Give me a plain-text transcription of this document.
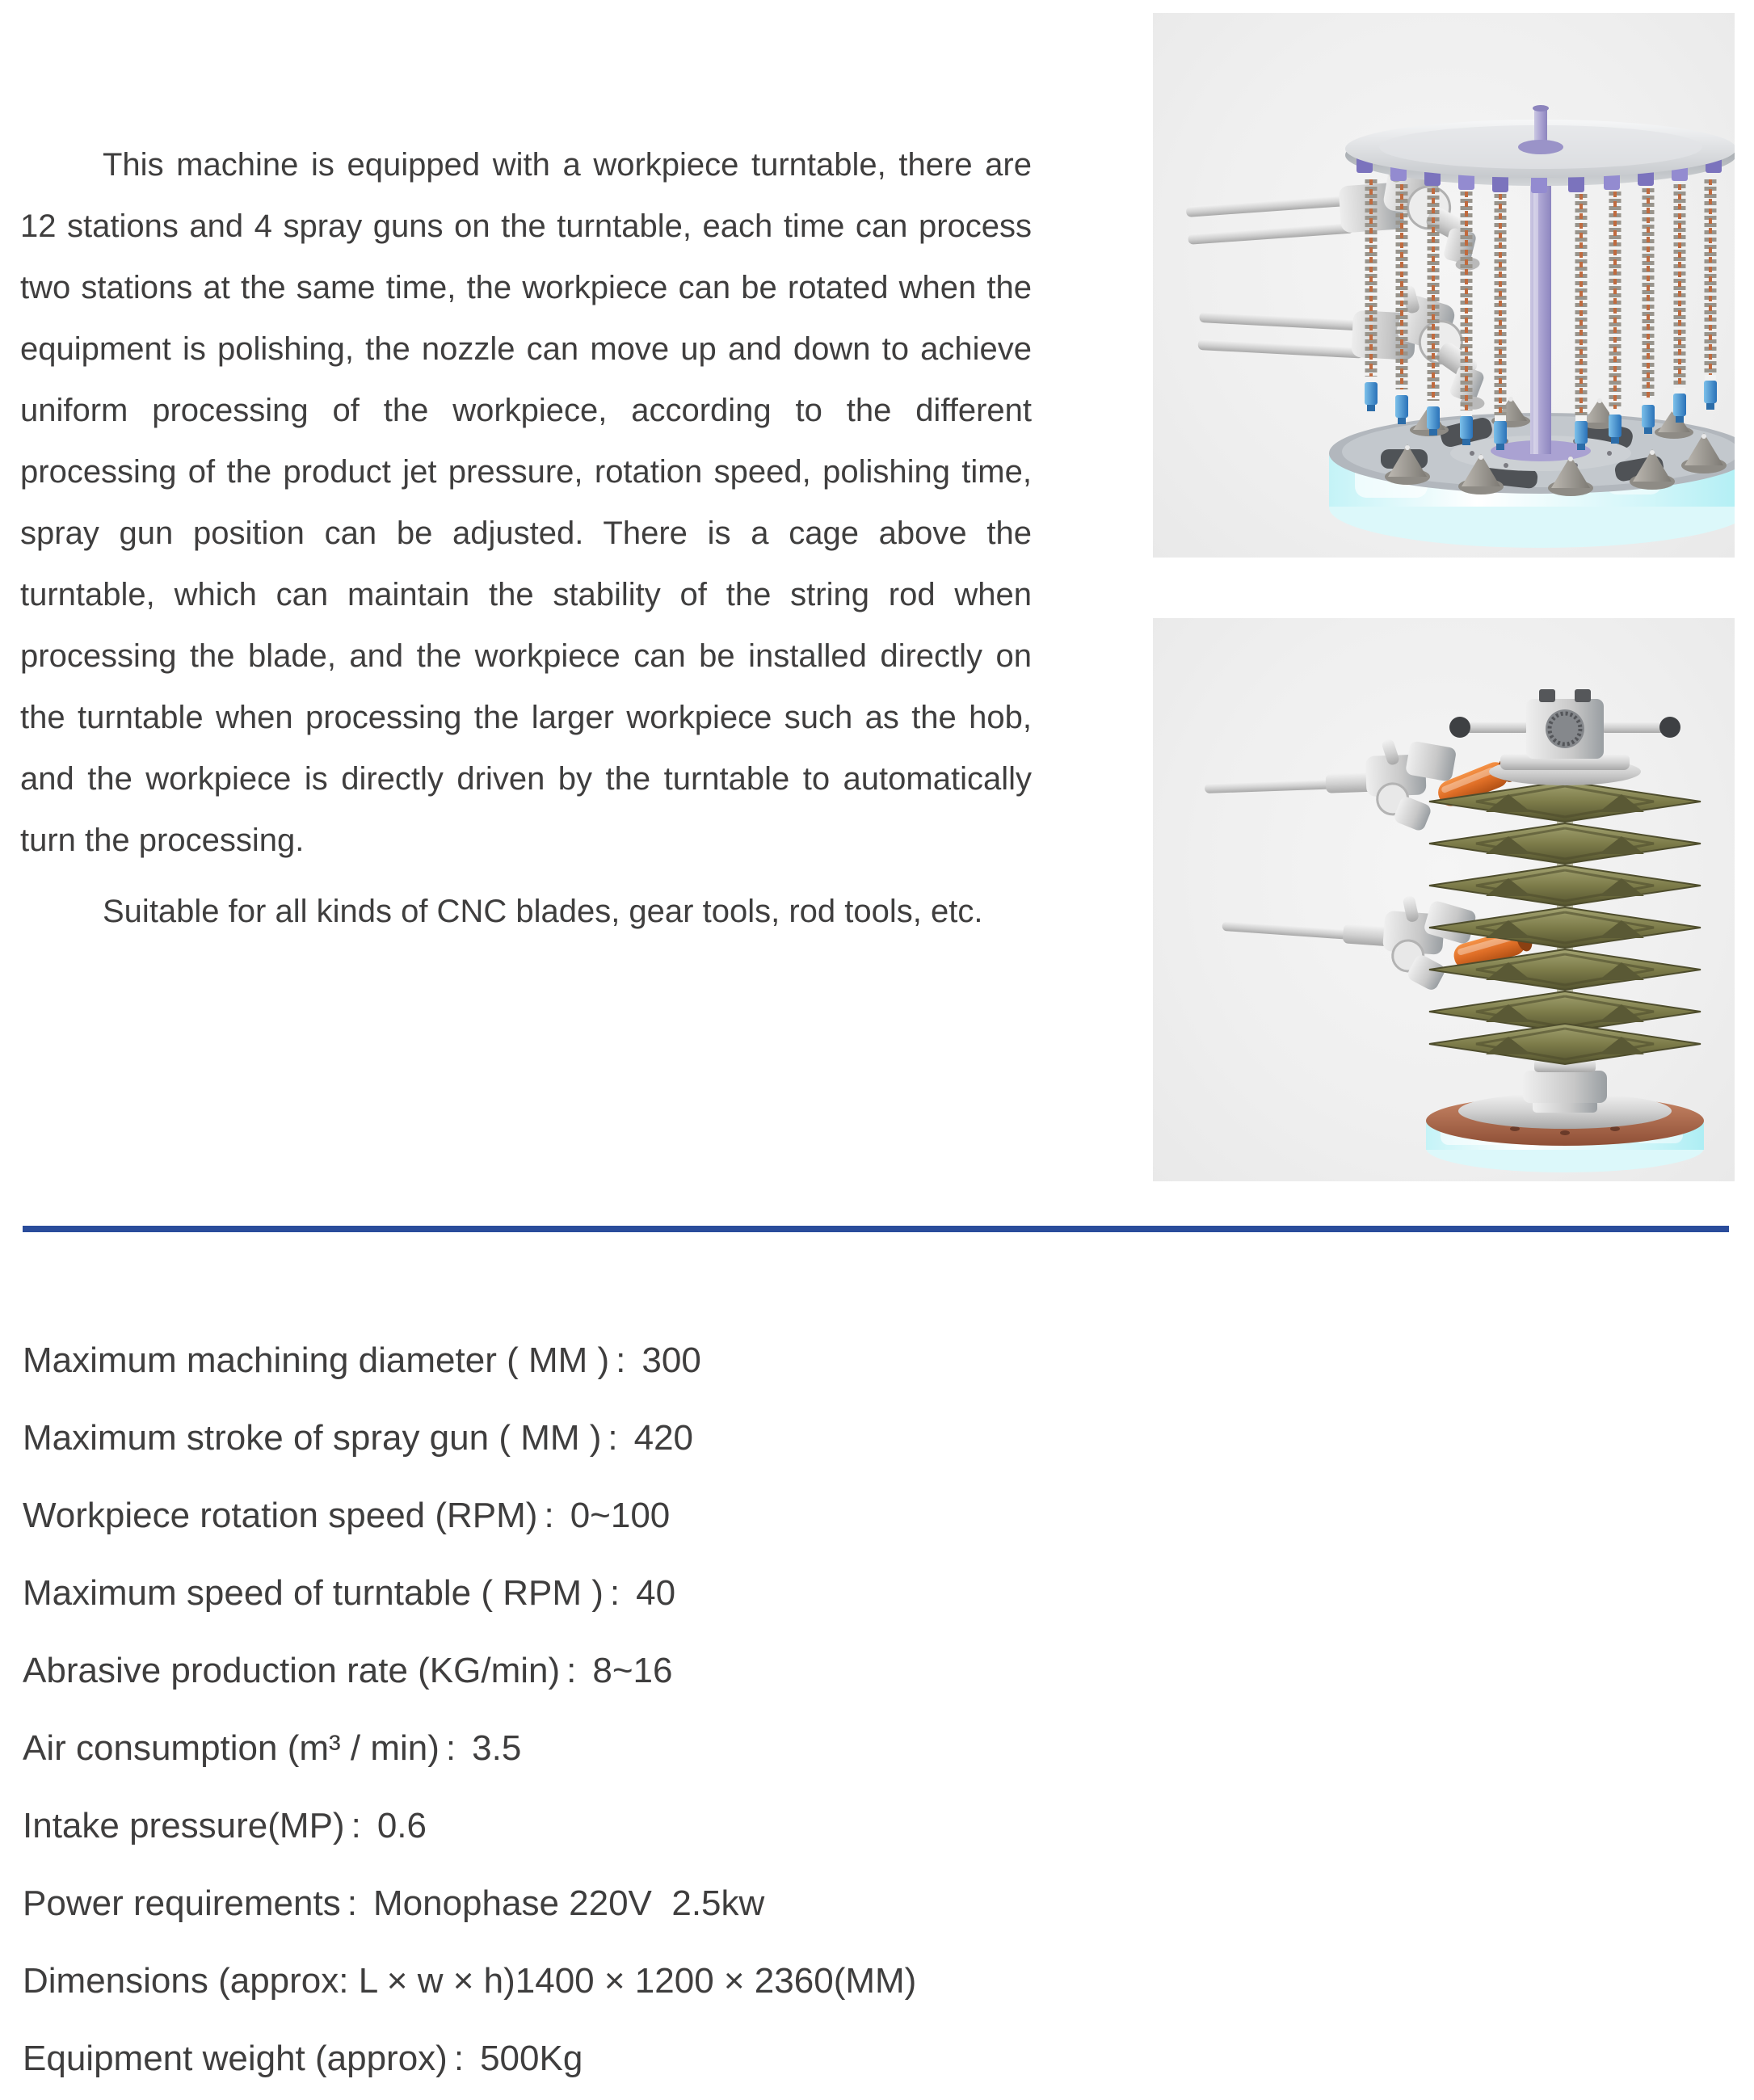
This machine is equipped with a workpiece turntable, there are 12 stations and 4 spray guns on the turntable, each time can process two stations at the same time, the workpiece can be rotated when the equipment is polishing, the nozzle can move up and down to achieve uniform processing of the workpiece, according to the different processing of the product jet pressure, rotation speed, polishing time, spray gun position can be adjusted. There is a cage above the turntable, which can maintain the stability of the string rod when processing the blade, and the workpiece can be installed directly on the turntable when processing the larger workpiece such as the hob, and the workpiece is directly driven by the turntable to automatically turn the processing.

Suitable for all kinds of CNC blades, gear tools, rod tools, etc.

Maximum machining diameter ( MM ) : 300
Maximum stroke of spray gun ( MM ) : 420
Workpiece rotation speed (RPM) : 0~100
Maximum speed of turntable ( RPM ) : 40
Abrasive production rate (KG/min) : 8~16
Air consumption (m³ / min) : 3.5
Intake pressure(MP) : 0.6
Power requirements : Monophase 220V  2.5kw
Dimensions (approx: L × w × h)1400 × 1200 × 2360(MM)
Equipment weight (approx) : 500Kg
